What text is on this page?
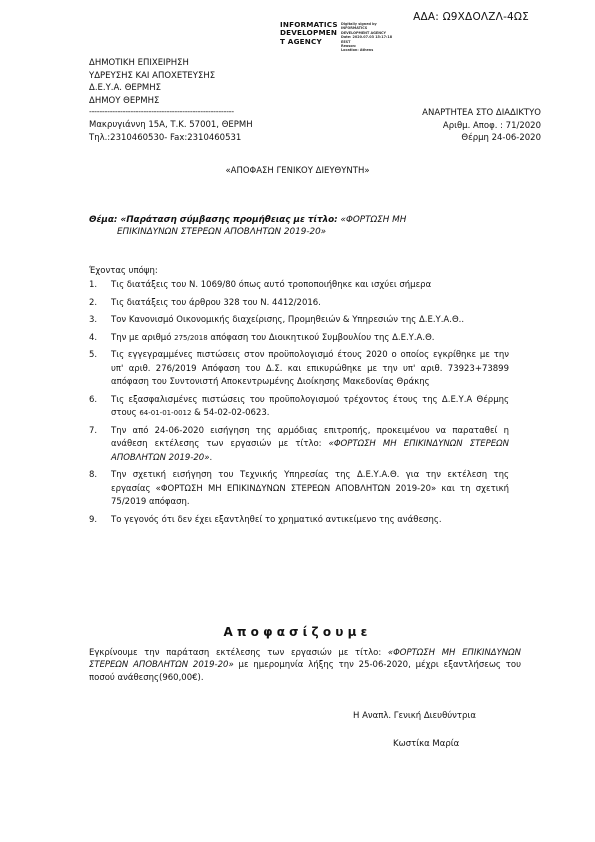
ΑΔΑ: Ω9ΧΔΟΛΖΛ-4ΩΣ
INFORMATICS
DEVELOPMEN
T AGENCY
Digitally signed by
INFORMATICS
DEVELOPMENT AGENCY
Date: 2020.07.03 15:17:18
EEST
Reason:
Location: Athens
ΔΗΜΟΤΙΚΗ ΕΠΙΧΕΙΡΗΣΗ
ΥΔΡΕΥΣΗΣ ΚΑΙ ΑΠΟΧΕΤΕΥΣΗΣ
Δ.Ε.Υ.Α. ΘΕΡΜΗΣ
ΔΗΜΟΥ ΘΕΡΜΗΣ
--------------------------------------------------------
Μακρυγιάννη 15Α, Τ.Κ. 57001, ΘΕΡΜΗ
Τηλ.:2310460530- Fax:2310460531
ΑΝΑΡΤΗΤΕΑ ΣΤΟ ΔΙΑΔΙΚΤΥΟ
Αριθμ. Αποφ. : 71/2020
Θέρμη 24-06-2020
«ΑΠΟΦΑΣΗ ΓΕΝΙΚΟΥ ΔΙΕΥΘΥΝΤΗ»
Θέμα: «Παράταση σύμβασης προμήθειας με τίτλο: «ΦΟΡΤΩΣΗ ΜΗ
ΕΠΙΚΙΝΔΥΝΩΝ ΣΤΕΡΕΩΝ ΑΠΟΒΛΗΤΩΝ 2019-20»
Έχοντας υπόψη:
1. Τις διατάξεις του Ν. 1069/80 όπως αυτό τροποποιήθηκε και ισχύει σήμερα
2. Τις διατάξεις του άρθρου 328 του Ν. 4412/2016.
3. Τον Κανονισμό Οικονομικής διαχείρισης, Προμηθειών & Υπηρεσιών της Δ.Ε.Υ.Α.Θ..
4. Την με αριθμό 275/2018 απόφαση του Διοικητικού Συμβουλίου της Δ.Ε.Υ.Α.Θ.
5. Τις εγγεγραμμένες πιστώσεις στον προϋπολογισμό έτους 2020 ο οποίος εγκρίθηκε με την υπ' αριθ. 276/2019 Απόφαση του Δ.Σ. και επικυρώθηκε με την υπ' αριθ. 73923+73899 απόφαση του Συντονιστή Αποκεντρωμένης Διοίκησης Μακεδονίας Θράκης
6. Τις εξασφαλισμένες πιστώσεις του προϋπολογισμού τρέχοντος έτους της Δ.Ε.Υ.Α Θέρμης στους 64-01-01-0012 & 54-02-02-0623.
7. Την από 24-06-2020 εισήγηση της αρμόδιας επιτροπής, προκειμένου να παραταθεί η ανάθεση εκτέλεσης των εργασιών με τίτλο: «ΦΟΡΤΩΣΗ ΜΗ ΕΠΙΚΙΝΔΥΝΩΝ ΣΤΕΡΕΩΝ ΑΠΟΒΛΗΤΩΝ 2019-20».
8. Την σχετική εισήγηση του Τεχνικής Υπηρεσίας της Δ.Ε.Υ.Α.Θ. για την εκτέλεση της εργασίας «ΦΟΡΤΩΣΗ ΜΗ ΕΠΙΚΙΝΔΥΝΩΝ ΣΤΕΡΕΩΝ ΑΠΟΒΛΗΤΩΝ 2019-20» και τη σχετική 75/2019 απόφαση.
9. Το γεγονός ότι δεν έχει εξαντληθεί το χρηματικό αντικείμενο της ανάθεσης.
Αποφασίζουμε
Εγκρίνουμε την παράταση εκτέλεσης των εργασιών με τίτλο: «ΦΟΡΤΩΣΗ ΜΗ ΕΠΙΚΙΝΔΥΝΩΝ ΣΤΕΡΕΩΝ ΑΠΟΒΛΗΤΩΝ 2019-20» με ημερομηνία λήξης την 25-06-2020, μέχρι εξαντλήσεως του ποσού ανάθεσης(960,00€).
Η Αναπλ. Γενική Διευθύντρια
Κωστίκα Μαρία
